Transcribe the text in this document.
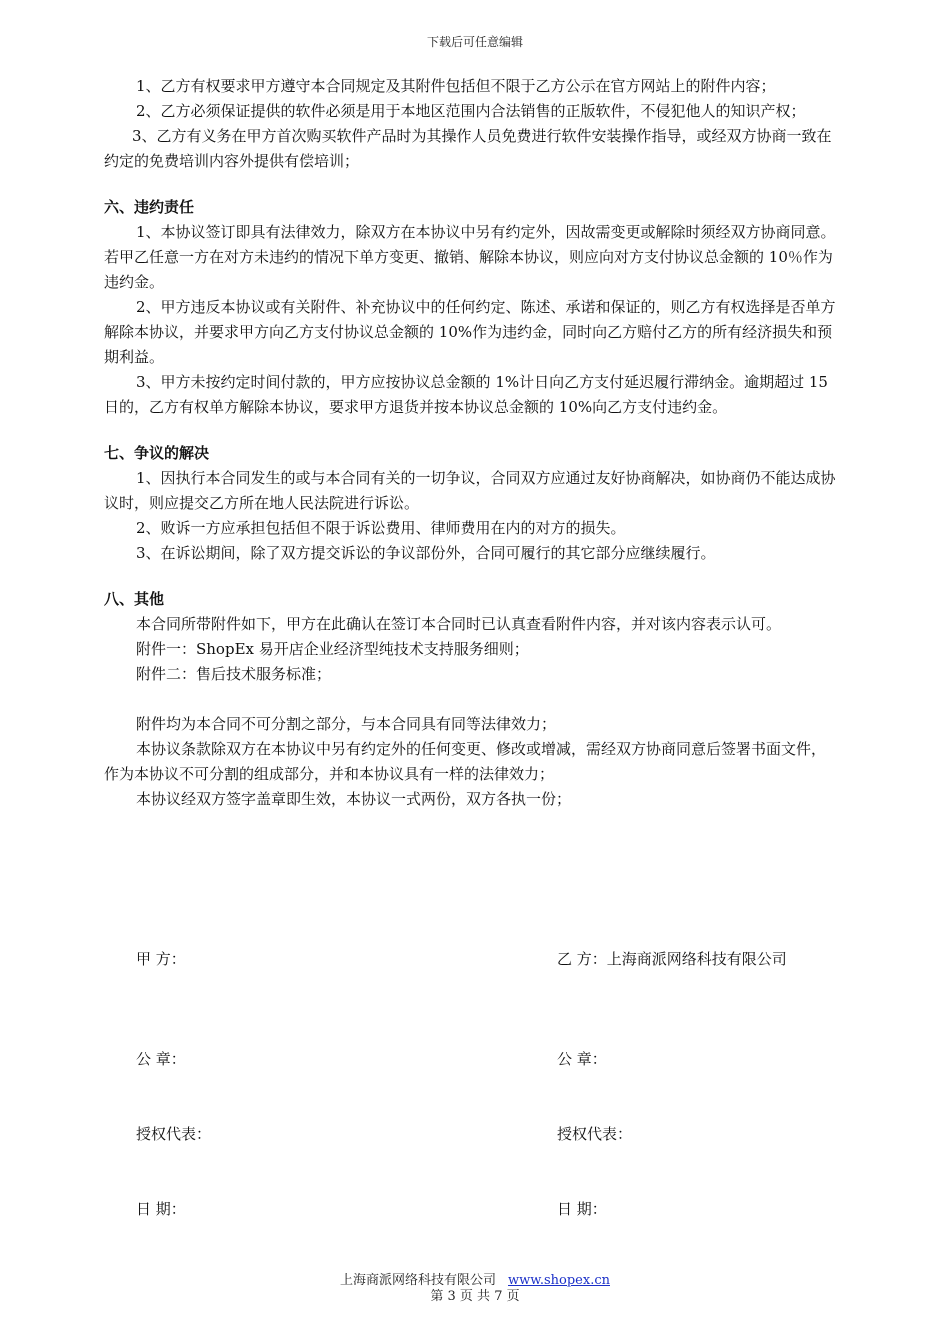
下载后可任意编辑

1、乙方有权要求甲方遵守本合同规定及其附件包括但不限于乙方公示在官方网站上的附件内容；

2、乙方必须保证提供的软件必须是用于本地区范围内合法销售的正版软件，不侵犯他人的知识产权；

3、乙方有义务在甲方首次购买软件产品时为其操作人员免费进行软件安装操作指导，或经双方协商一致在约定的免费培训内容外提供有偿培训；

六、违约责任

1、本协议签订即具有法律效力，除双方在本协议中另有约定外，因故需变更或解除时须经双方协商同意。若甲乙任意一方在对方未违约的情况下单方变更、撤销、解除本协议，则应向对方支付协议总金额的 10％作为违约金。

2、甲方违反本协议或有关附件、补充协议中的任何约定、陈述、承诺和保证的，则乙方有权选择是否单方解除本协议，并要求甲方向乙方支付协议总金额的 10%作为违约金，同时向乙方赔付乙方的所有经济损失和预期利益。

3、甲方未按约定时间付款的，甲方应按协议总金额的 1%计日向乙方支付延迟履行滞纳金。逾期超过 15 日的，乙方有权单方解除本协议，要求甲方退货并按本协议总金额的 10%向乙方支付违约金。

七、争议的解决

1、因执行本合同发生的或与本合同有关的一切争议，合同双方应通过友好协商解决，如协商仍不能达成协议时，则应提交乙方所在地人民法院进行诉讼。

2、败诉一方应承担包括但不限于诉讼费用、律师费用在内的对方的损失。

3、在诉讼期间，除了双方提交诉讼的争议部份外，合同可履行的其它部分应继续履行。

八、其他

本合同所带附件如下，甲方在此确认在签订本合同时已认真查看附件内容，并对该内容表示认可。

附件一：ShopEx 易开店企业经济型纯技术支持服务细则；

附件二：售后技术服务标准；

附件均为本合同不可分割之部分，与本合同具有同等法律效力；

本协议条款除双方在本协议中另有约定外的任何变更、修改或增减，需经双方协商同意后签署书面文件，作为本协议不可分割的组成部分，并和本协议具有一样的法律效力；

本协议经双方签字盖章即生效，本协议一式两份，双方各执一份；

甲 方：	乙 方：上海商派网络科技有限公司
公 章：	公 章：
授权代表：	授权代表：
日 期：	日 期：
上海商派网络科技有限公司 www.shopex.cn
第 3 页 共 7 页
